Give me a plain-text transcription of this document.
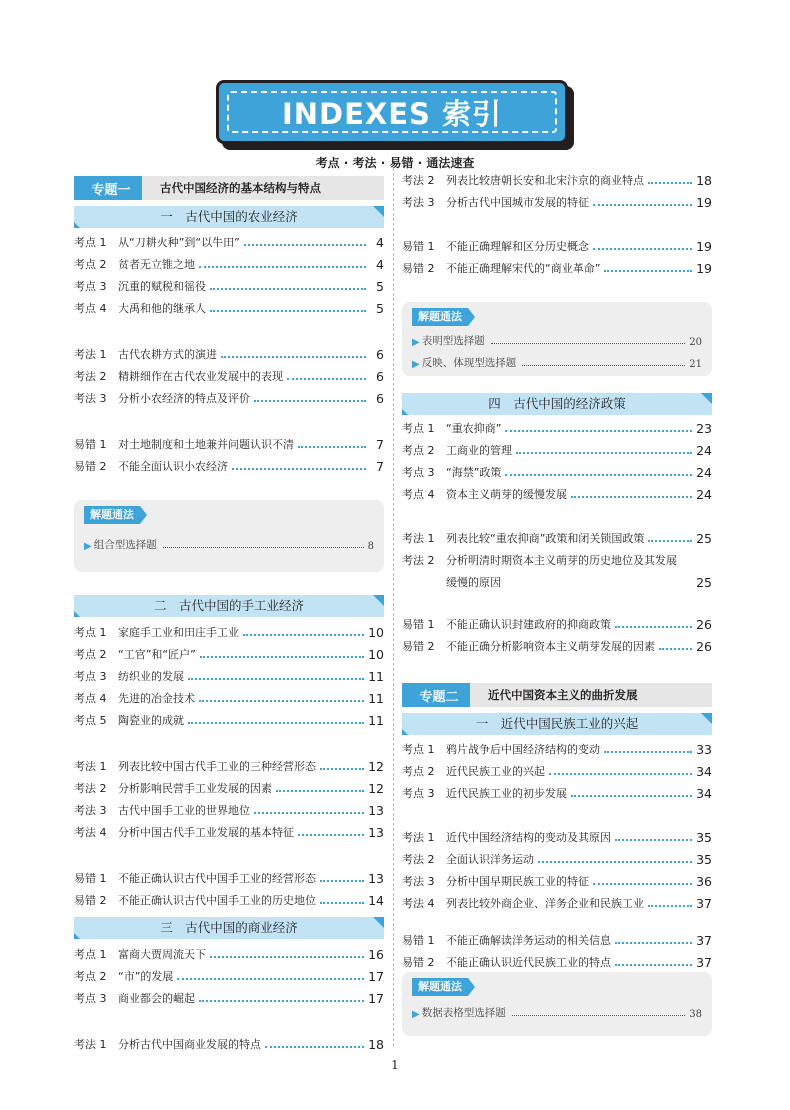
INDEXES 索引
考点 · 考法 · 易错 · 通法速查
专题一	古代中国经济的基本结构与特点
一　古代中国的农业经济
考点 1	从“刀耕火种”到“以牛田”	4
考点 2	贫者无立锥之地	4
考点 3	沉重的赋税和徭役	5
考点 4	大禹和他的继承人	5
考法 1	古代农耕方式的演进	6
考法 2	精耕细作在古代农业发展中的表现	6
考法 3	分析小农经济的特点及评价	6
易错 1	对土地制度和土地兼并问题认识不清	7
易错 2	不能全面认识小农经济	7
解题通法
▶ 组合型选择题	8
二　古代中国的手工业经济
考点 1	家庭手工业和田庄手工业	10
考点 2	“工官”和“匠户”	10
考点 3	纺织业的发展	11
考点 4	先进的冶金技术	11
考点 5	陶瓷业的成就	11
考法 1	列表比较中国古代手工业的三种经营形态	12
考法 2	分析影响民营手工业发展的因素	12
考法 3	古代中国手工业的世界地位	13
考法 4	分析中国古代手工业发展的基本特征	13
易错 1	不能正确认识古代中国手工业的经营形态	13
易错 2	不能正确认识古代中国手工业的历史地位	14
三　古代中国的商业经济
考点 1	富商大贾周流天下	16
考点 2	“市”的发展	17
考点 3	商业都会的崛起	17
考法 1	分析古代中国商业发展的特点	18
考法 2	列表比较唐朝长安和北宋汴京的商业特点	18
考法 3	分析古代中国城市发展的特征	19
易错 1	不能正确理解和区分历史概念	19
易错 2	不能正确理解宋代的“商业革命”	19
解题通法
▶ 表明型选择题	20
▶ 反映、体现型选择题	21
四　古代中国的经济政策
考点 1	“重农抑商”	23
考点 2	工商业的管理	24
考点 3	“海禁”政策	24
考点 4	资本主义萌芽的缓慢发展	24
考法 1	列表比较“重农抑商”政策和闭关锁国政策	25
考法 2	分析明清时期资本主义萌芽的历史地位及其发展
缓慢的原因	25
易错 1	不能正确认识封建政府的抑商政策	26
易错 2	不能正确分析影响资本主义萌芽发展的因素	26
专题二	近代中国资本主义的曲折发展
一　近代中国民族工业的兴起
考点 1	鸦片战争后中国经济结构的变动	33
考点 2	近代民族工业的兴起	34
考点 3	近代民族工业的初步发展	34
考法 1	近代中国经济结构的变动及其原因	35
考法 2	全面认识洋务运动	35
考法 3	分析中国早期民族工业的特征	36
考法 4	列表比较外商企业、洋务企业和民族工业	37
易错 1	不能正确解读洋务运动的相关信息	37
易错 2	不能正确认识近代民族工业的特点	37
解题通法
▶ 数据表格型选择题	38
1
